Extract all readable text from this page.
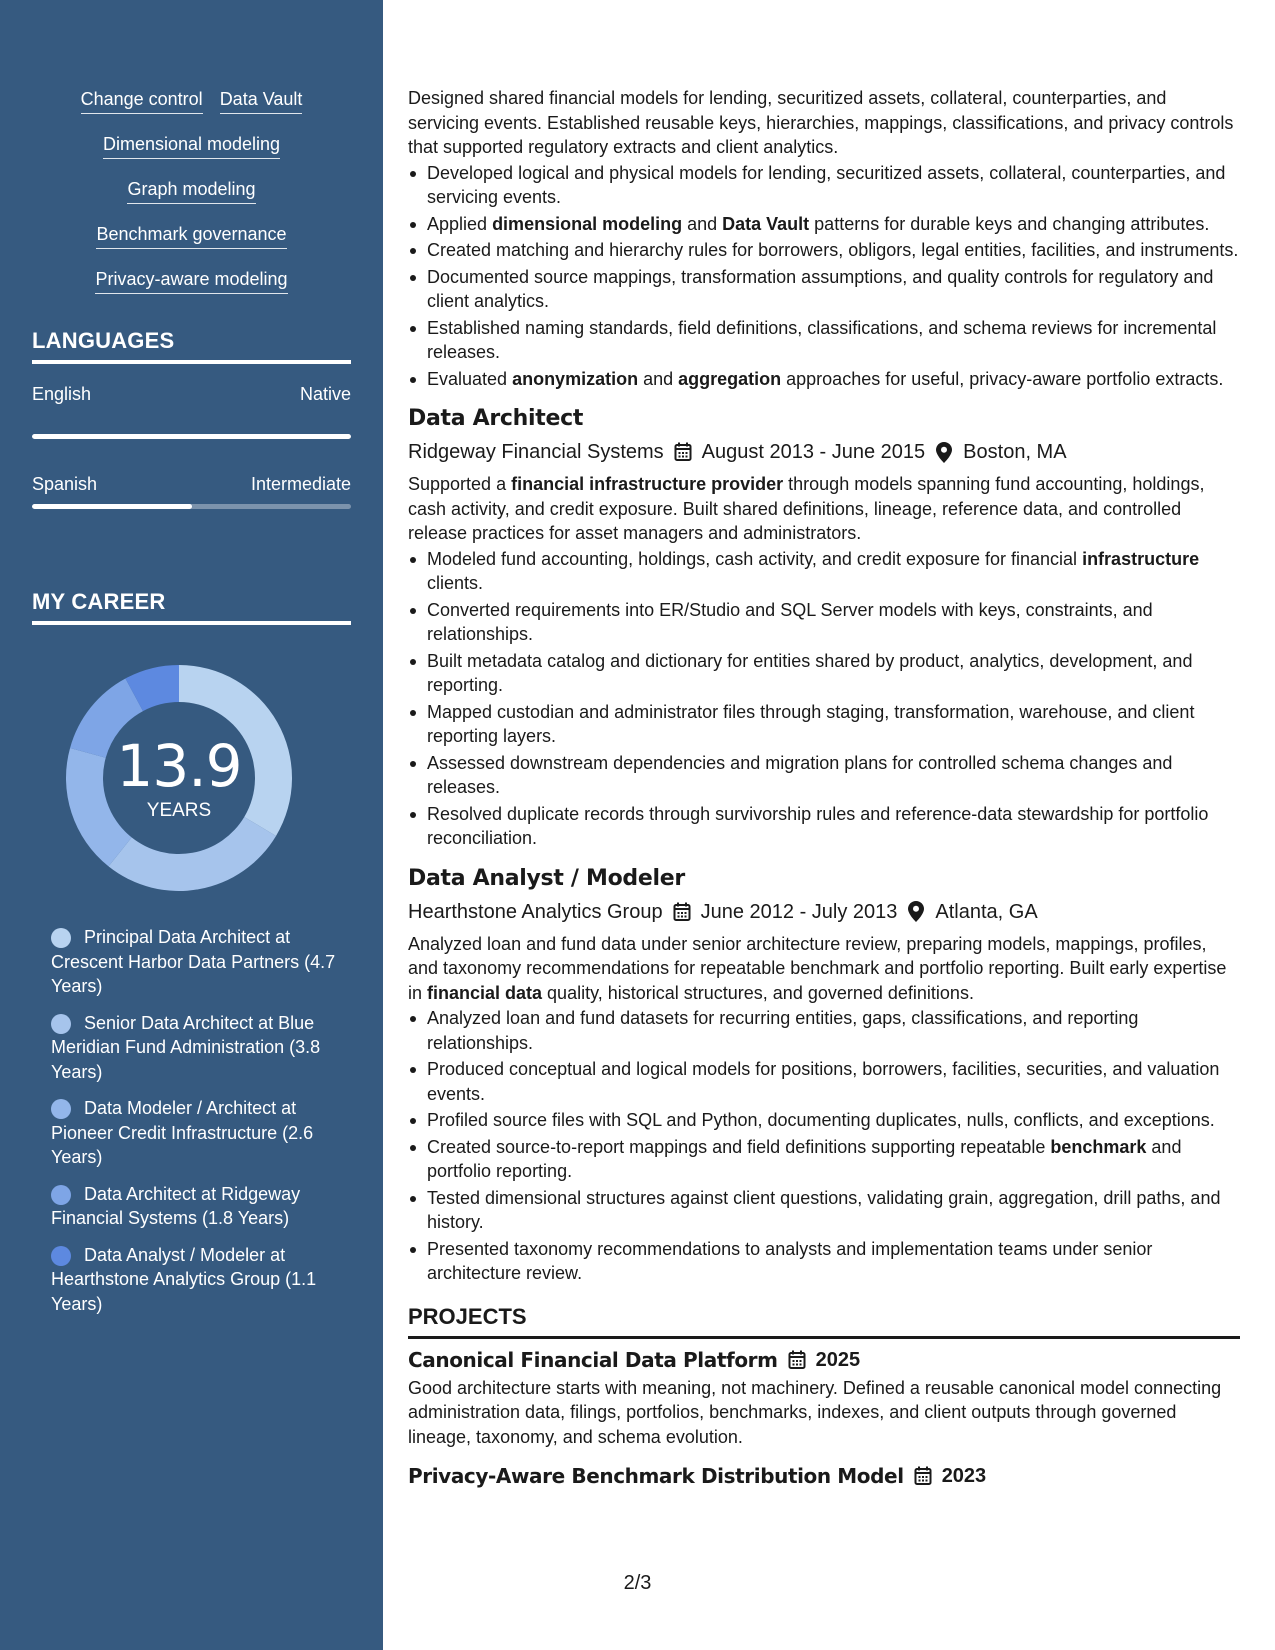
Change control Data Vault
Dimensional modeling
Graph modeling
Benchmark governance
Privacy-aware modeling
LANGUAGES
English	Native
Spanish	Intermediate
MY CAREER
13.9
YEARS
Principal Data Architect at Crescent Harbor Data Partners (4.7 Years)
Senior Data Architect at Blue Meridian Fund Administration (3.8 Years)
Data Modeler / Architect at Pioneer Credit Infrastructure (2.6 Years)
Data Architect at Ridgeway Financial Systems (1.8 Years)
Data Analyst / Modeler at Hearthstone Analytics Group (1.1 Years)
Designed shared financial models for lending, securitized assets, collateral, counterparties, and servicing events. Established reusable keys, hierarchies, mappings, classifications, and privacy controls that supported regulatory extracts and client analytics.
Developed logical and physical models for lending, securitized assets, collateral, counterparties, and servicing events.
Applied dimensional modeling and Data Vault patterns for durable keys and changing attributes.
Created matching and hierarchy rules for borrowers, obligors, legal entities, facilities, and instruments.
Documented source mappings, transformation assumptions, and quality controls for regulatory and client analytics.
Established naming standards, field definitions, classifications, and schema reviews for incremental releases.
Evaluated anonymization and aggregation approaches for useful, privacy-aware portfolio extracts.
Data Architect
Ridgeway Financial Systems August 2013 - June 2015 Boston, MA
Supported a financial infrastructure provider through models spanning fund accounting, holdings, cash activity, and credit exposure. Built shared definitions, lineage, reference data, and controlled release practices for asset managers and administrators.
Modeled fund accounting, holdings, cash activity, and credit exposure for financial infrastructure clients.
Converted requirements into ER/Studio and SQL Server models with keys, constraints, and relationships.
Built metadata catalog and dictionary for entities shared by product, analytics, development, and reporting.
Mapped custodian and administrator files through staging, transformation, warehouse, and client reporting layers.
Assessed downstream dependencies and migration plans for controlled schema changes and releases.
Resolved duplicate records through survivorship rules and reference-data stewardship for portfolio reconciliation.
Data Analyst / Modeler
Hearthstone Analytics Group June 2012 - July 2013 Atlanta, GA
Analyzed loan and fund data under senior architecture review, preparing models, mappings, profiles, and taxonomy recommendations for repeatable benchmark and portfolio reporting. Built early expertise in financial data quality, historical structures, and governed definitions.
Analyzed loan and fund datasets for recurring entities, gaps, classifications, and reporting relationships.
Produced conceptual and logical models for positions, borrowers, facilities, securities, and valuation events.
Profiled source files with SQL and Python, documenting duplicates, nulls, conflicts, and exceptions.
Created source-to-report mappings and field definitions supporting repeatable benchmark and portfolio reporting.
Tested dimensional structures against client questions, validating grain, aggregation, drill paths, and history.
Presented taxonomy recommendations to analysts and implementation teams under senior architecture review.
PROJECTS
Canonical Financial Data Platform 2025
Good architecture starts with meaning, not machinery. Defined a reusable canonical model connecting administration data, filings, portfolios, benchmarks, indexes, and client outputs through governed lineage, taxonomy, and schema evolution.
Privacy-Aware Benchmark Distribution Model 2023
2/3
